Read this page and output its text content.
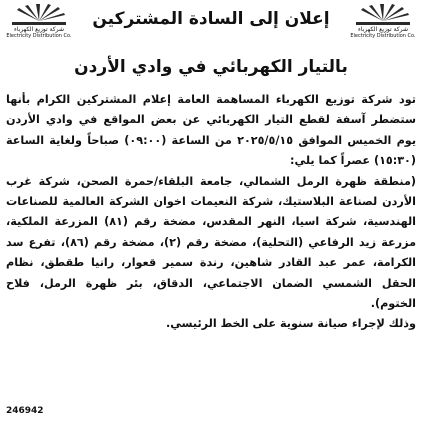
شركة توزيع الكهرباء
Electricity Distribution Co.
شركة توزيع الكهرباء
Electricity Distribution Co.
إعلان إلى السادة المشتركين
بالتيار الكهربائي في وادي الأردن

تود شركة توزيع الكهرباء المساهمة العامة إعلام المشتركين الكرام بأنها ستضطر آسفة لقطع التيار الكهربائي عن بعض المواقع في وادي الأردن يوم الخميس الموافق ٢٠٢٥/٥/١٥ من الساعة (٠٩:٠٠) صباحاً ولغاية الساعة (١٥:٣٠) عصراً كما يلي:

(منطقة ظهرة الرمل الشمالي، جامعة البلقاء/حمرة الصحن، شركة غرب الأردن لصناعة البلاستيك، شركة النعيمات اخوان الشركة العالمية للصناعات الهندسية، شركة اسيا، النهر المقدس، مضخة رقم (٨١) المزرعة الملكية، مزرعة زيد الرفاعي (التحلية)، مضخة رقم (٢)، مضخة رقم (٨٦)، تفرع سد الكرامة، عمر عبد القادر شاهين، رندة سمير قعوار، رانيا طقطق، نظام الحقل الشمسي الضمان الاجتماعي، الدقاق، بئر ظهرة الرمل، فلاح الختوم).

وذلك لإجراء صيانة سنوية على الخط الرئيسي.

246942
